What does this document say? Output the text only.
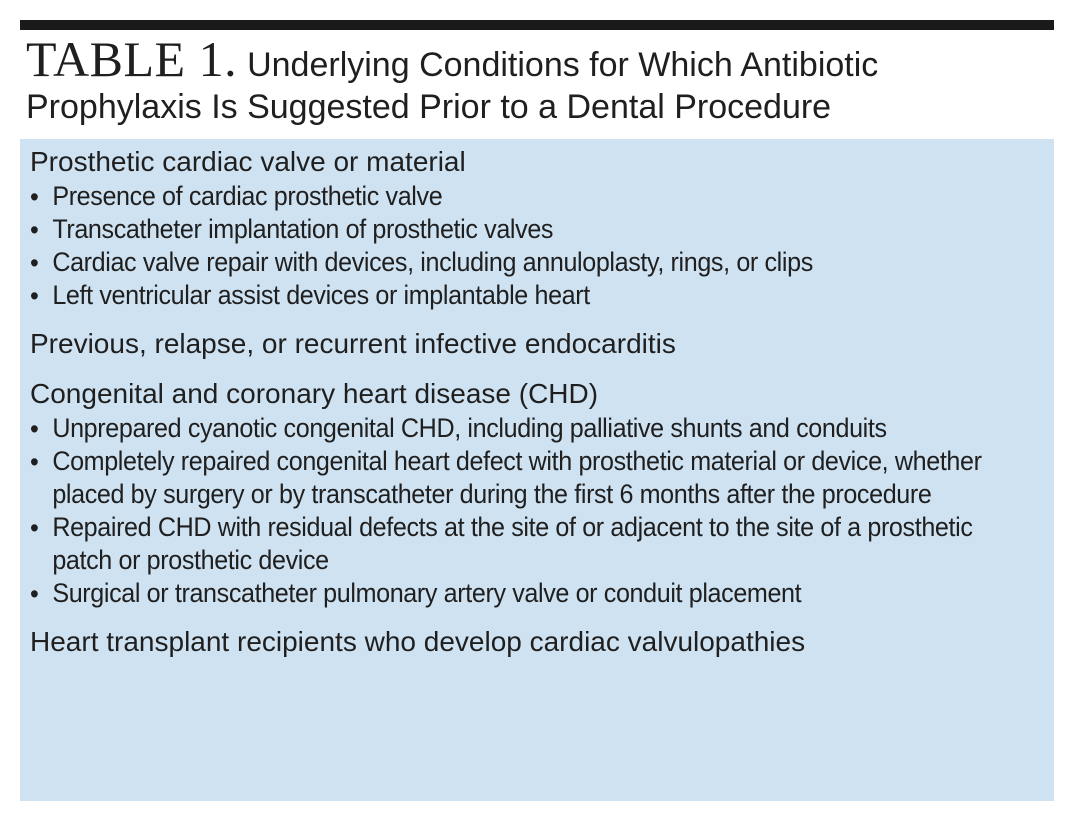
TABLE 1. Underlying Conditions for Which Antibiotic Prophylaxis Is Suggested Prior to a Dental Procedure

Prosthetic cardiac valve or material

• Presence of cardiac prosthetic valve
• Transcatheter implantation of prosthetic valves
• Cardiac valve repair with devices, including annuloplasty, rings, or clips
• Left ventricular assist devices or implantable heart

Previous, relapse, or recurrent infective endocarditis

Congenital and coronary heart disease (CHD)

• Unprepared cyanotic congenital CHD, including palliative shunts and conduits
• Completely repaired congenital heart defect with prosthetic material or device, whether placed by surgery or by transcatheter during the first 6 months after the procedure
• Repaired CHD with residual defects at the site of or adjacent to the site of a prosthetic patch or prosthetic device
• Surgical or transcatheter pulmonary artery valve or conduit placement

Heart transplant recipients who develop cardiac valvulopathies
